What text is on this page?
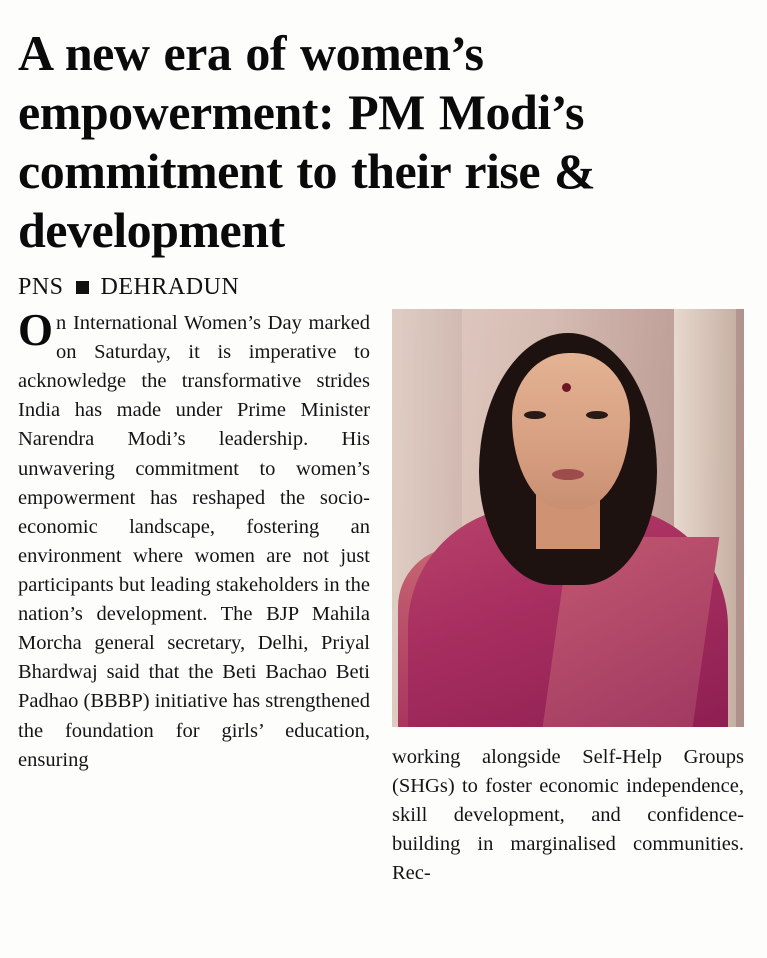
A new era of women’s empowerment: PM Modi’s commitment to their rise & development
PNS DEHRADUN

On International Women’s Day marked on Saturday, it is imperative to acknowledge the transformative strides India has made under Prime Minister Narendra Modi’s leadership. His unwavering commitment to women’s empowerment has reshaped the socio-economic landscape, fostering an environment where women are not just participants but leading stakeholders in the nation’s development. The BJP Mahila Morcha general secretary, Delhi, Priyal Bhardwaj said that the Beti Bachao Beti Padhao (BBBP) initiative has strengthened the foundation for girls’ education, ensuring	working alongside Self-Help Groups (SHGs) to foster economic independence, skill development, and confidence-building in marginalised communities. Rec-
